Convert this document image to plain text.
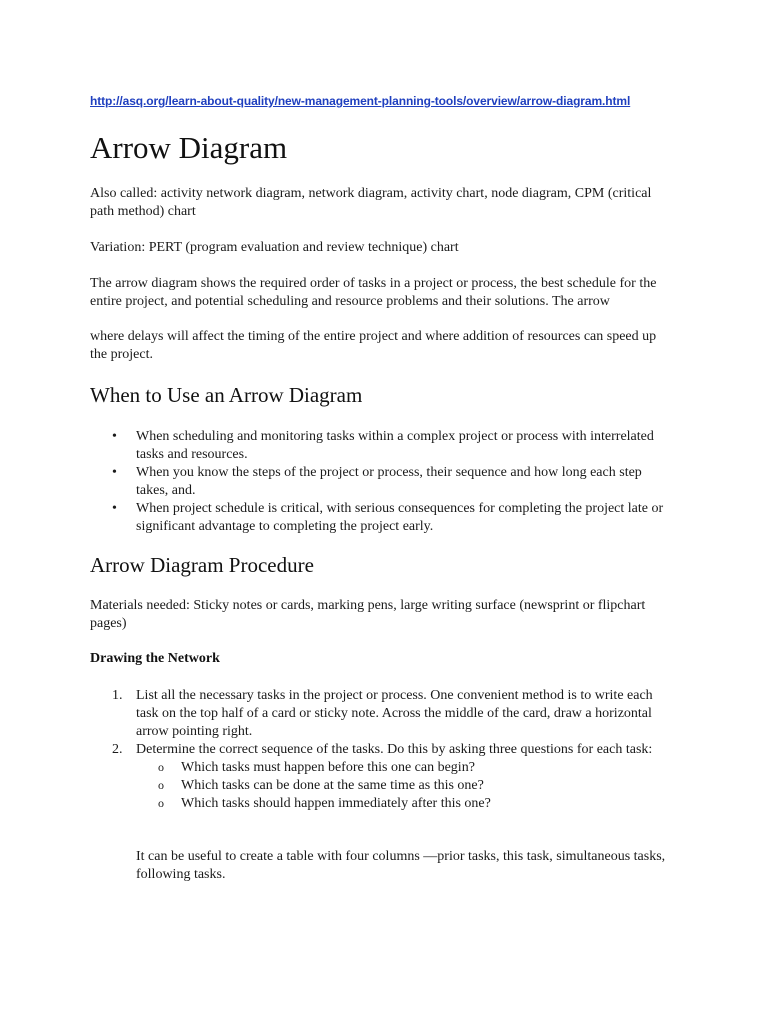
http://asq.org/learn-about-quality/new-management-planning-tools/overview/arrow-diagram.html
Arrow Diagram

Also called: activity network diagram, network diagram, activity chart, node diagram, CPM (critical path method) chart

Variation: PERT (program evaluation and review technique) chart

The arrow diagram shows the required order of tasks in a project or process, the best schedule for the entire project, and potential scheduling and resource problems and their solutions. The arrow

where delays will affect the timing of the entire project and where addition of resources can speed up the project.

When to Use an Arrow Diagram
• When scheduling and monitoring tasks within a complex project or process with interrelated tasks and resources.
• When you know the steps of the project or process, their sequence and how long each step takes, and.
• When project schedule is critical, with serious consequences for completing the project late or significant advantage to completing the project early.
Arrow Diagram Procedure

Materials needed: Sticky notes or cards, marking pens, large writing surface (newsprint or flipchart pages)

Drawing the Network
1. List all the necessary tasks in the project or process. One convenient method is to write each task on the top half of a card or sticky note. Across the middle of the card, draw a horizontal arrow pointing right.
2. Determine the correct sequence of the tasks. Do this by asking three questions for each task:
o Which tasks must happen before this one can begin?
o Which tasks can be done at the same time as this one?
o Which tasks should happen immediately after this one?

It can be useful to create a table with four columns —prior tasks, this task, simultaneous tasks, following tasks.
